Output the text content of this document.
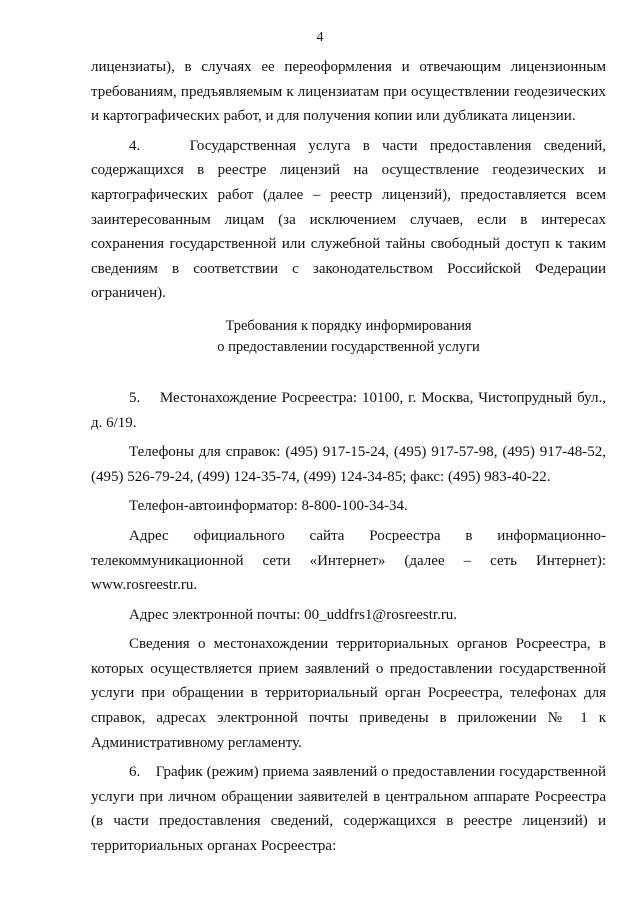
4

лицензиаты), в случаях ее переоформления и отвечающим лицензионным требованиям, предъявляемым к лицензиатам при осуществлении геодезических и картографических работ, и для получения копии или дубликата лицензии.

4.    Государственная услуга в части предоставления сведений, содержащихся в реестре лицензий на осуществление геодезических и картографических работ (далее – реестр лицензий), предоставляется всем заинтересованным лицам (за исключением случаев, если в интересах сохранения государственной или служебной тайны свободный доступ к таким сведениям в соответствии с законодательством Российской Федерации ограничен).

Требования к порядку информирования
о предоставлении государственной услуги

5.    Местонахождение Росреестра: 10100, г. Москва, Чистопрудный бул., д. 6/19.

Телефоны для справок: (495) 917-15-24, (495) 917-57-98, (495) 917-48-52, (495) 526-79-24, (499) 124-35-74, (499) 124-34-85; факс: (495) 983-40-22.

Телефон-автоинформатор: 8-800-100-34-34.

Адрес официального сайта Росреестра в информационно-телекоммуникационной сети «Интернет» (далее – сеть Интернет): www.rosreestr.ru.

Адрес электронной почты: 00_uddfrs1@rosreestr.ru.

Сведения о местонахождении территориальных органов Росреестра, в которых осуществляется прием заявлений о предоставлении государственной услуги при обращении в территориальный орган Росреестра, телефонах для справок, адресах электронной почты приведены в приложении № 1 к Административному регламенту.

6.    График (режим) приема заявлений о предоставлении государственной услуги при личном обращении заявителей в центральном аппарате Росреестра (в части предоставления сведений, содержащихся в реестре лицензий) и территориальных органах Росреестра:
